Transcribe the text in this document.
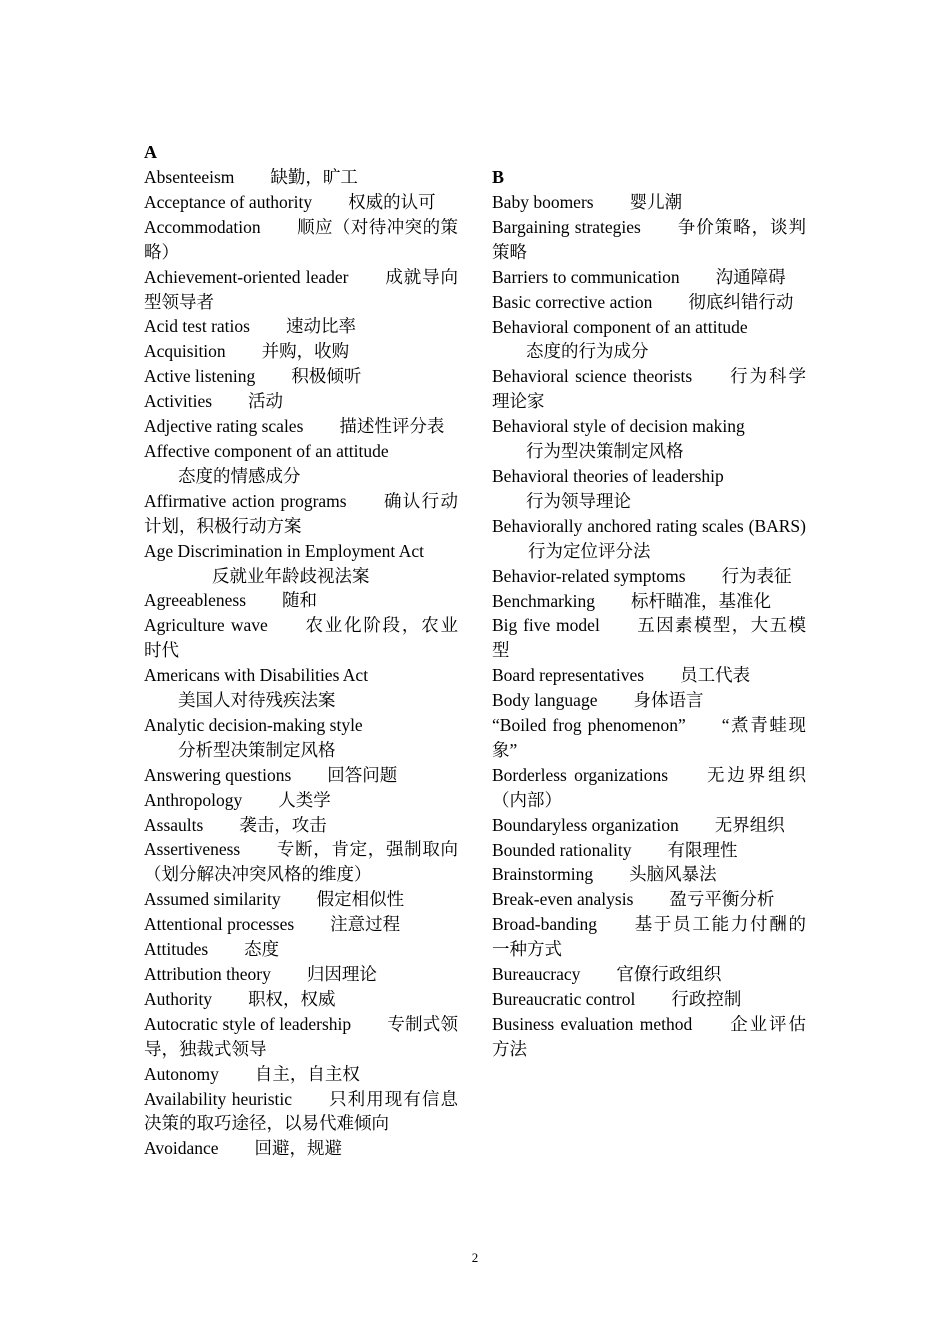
A
Absenteeism 缺勤，旷工
Acceptance of authority 权威的认可
Accommodation 顺应（对待冲突的策略）
Achievement-oriented leader 成就导向型领导者
Acid test ratios 速动比率
Acquisition 并购，收购
Active listening 积极倾听
Activities 活动
Adjective rating scales 描述性评分表
Affective component of an attitude
态度的情感成分
Affirmative action programs 确认行动计划，积极行动方案
Age Discrimination in Employment Act
反就业年龄歧视法案
Agreeableness 随和
Agriculture wave 农业化阶段，农业时代
Americans with Disabilities Act
美国人对待残疾法案
Analytic decision-making style
分析型决策制定风格
Answering questions 回答问题
Anthropology 人类学
Assaults 袭击，攻击
Assertiveness 专断，肯定，强制取向（划分解决冲突风格的维度）
Assumed similarity 假定相似性
Attentional processes 注意过程
Attitudes 态度
Attribution theory 归因理论
Authority 职权，权威
Autocratic style of leadership 专制式领导，独裁式领导
Autonomy 自主，自主权
Availability heuristic 只利用现有信息决策的取巧途径，以易代难倾向
Avoidance 回避，规避
B
Baby boomers 婴儿潮
Bargaining strategies 争价策略，谈判策略
Barriers to communication 沟通障碍
Basic corrective action 彻底纠错行动
Behavioral component of an attitude
态度的行为成分
Behavioral science theorists 行为科学理论家
Behavioral style of decision making
行为型决策制定风格
Behavioral theories of leadership
行为领导理论
Behaviorally anchored rating scales (BARS)行为定位评分法
Behavior-related symptoms 行为表征
Benchmarking 标杆瞄准，基准化
Big five model 五因素模型，大五模型
Board representatives 员工代表
Body language 身体语言
“Boiled frog phenomenon” “煮青蛙现象”
Borderless organizations 无边界组织（内部）
Boundaryless organization 无界组织
Bounded rationality 有限理性
Brainstorming 头脑风暴法
Break-even analysis 盈亏平衡分析
Broad-banding 基于员工能力付酬的一种方式
Bureaucracy 官僚行政组织
Bureaucratic control 行政控制
Business evaluation method 企业评估方法
2
